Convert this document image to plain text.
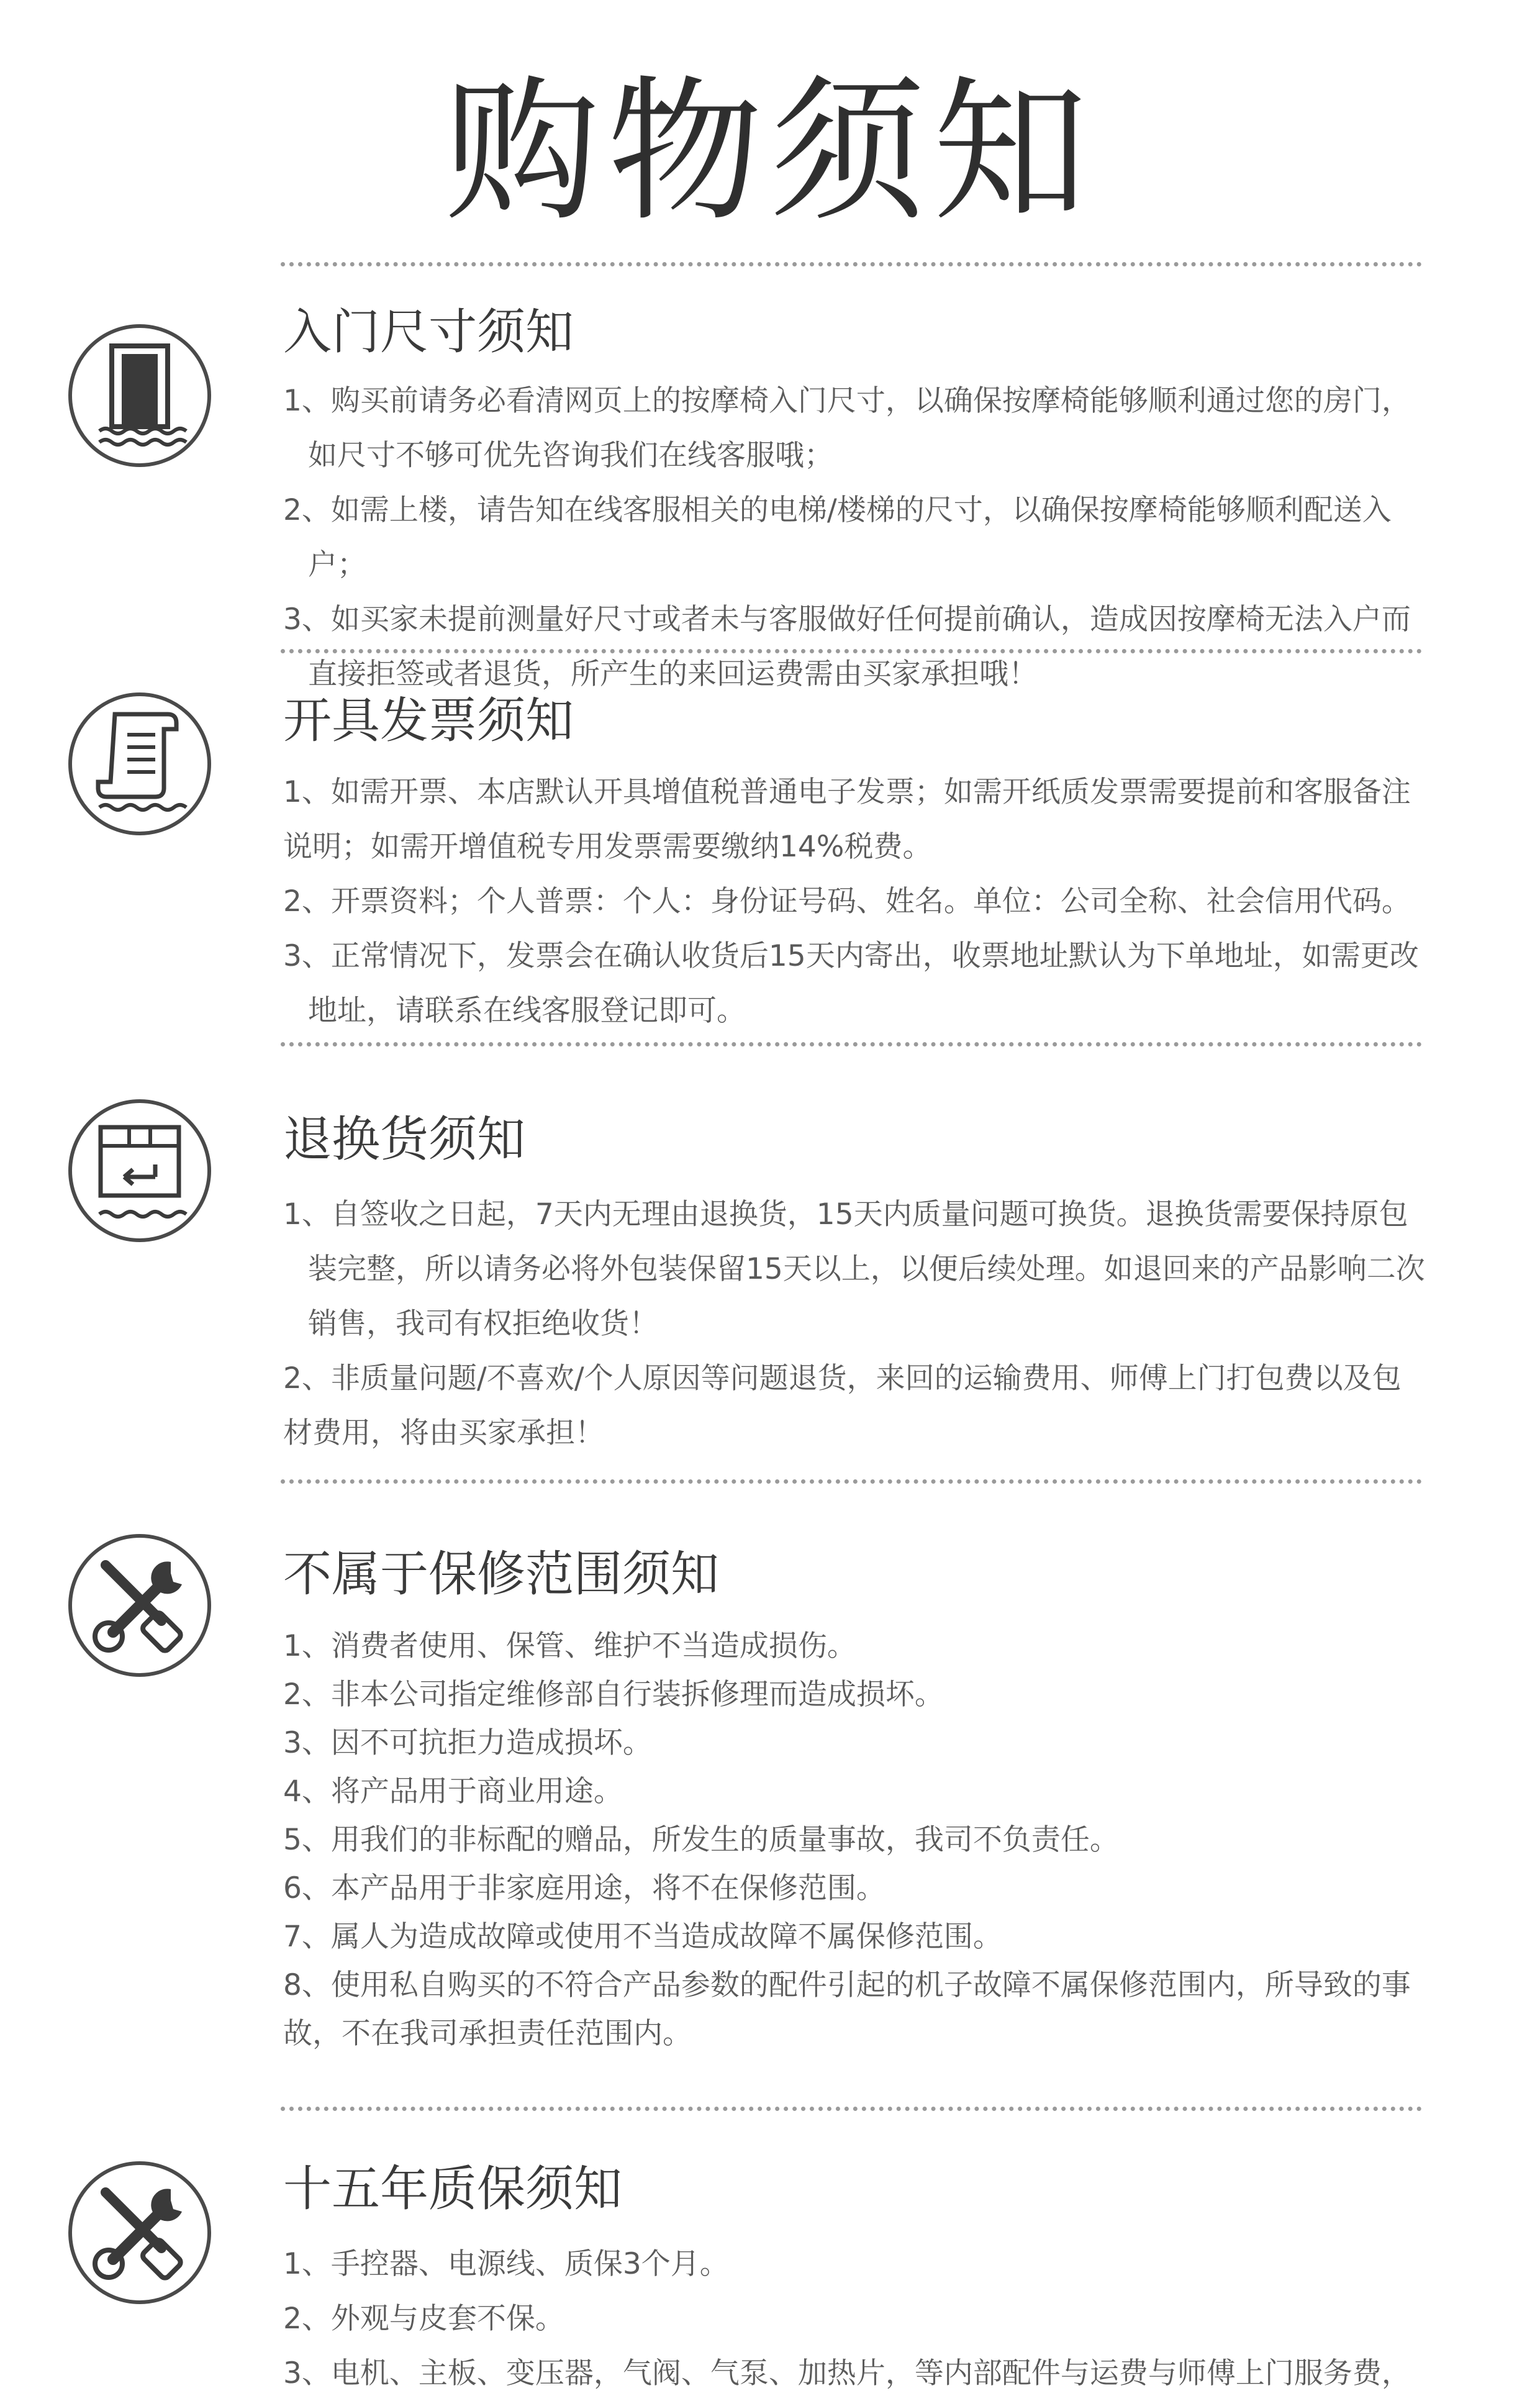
购物须知
入门尺寸须知
1、购买前请务必看清网页上的按摩椅入门尺寸，以确保按摩椅能够顺利通过您的房门，如尺寸不够可优先咨询我们在线客服哦；
2、如需上楼，请告知在线客服相关的电梯/楼梯的尺寸，以确保按摩椅能够顺利配送入户；
3、如买家未提前测量好尺寸或者未与客服做好任何提前确认，造成因按摩椅无法入户而直接拒签或者退货，所产生的来回运费需由买家承担哦！
开具发票须知
1、如需开票、本店默认开具增值税普通电子发票；如需开纸质发票需要提前和客服备注说明；如需开增值税专用发票需要缴纳14%税费。
2、开票资料；个人普票：个人：身份证号码、姓名。单位：公司全称、社会信用代码。
3、正常情况下，发票会在确认收货后15天内寄出，收票地址默认为下单地址，如需更改地址，请联系在线客服登记即可。
退换货须知
1、自签收之日起，7天内无理由退换货，15天内质量问题可换货。退换货需要保持原包装完整，所以请务必将外包装保留15天以上，以便后续处理。如退回来的产品影响二次销售，我司有权拒绝收货！
2、非质量问题/不喜欢/个人原因等问题退货，来回的运输费用、师傅上门打包费以及包材费用，将由买家承担！
不属于保修范围须知
1、消费者使用、保管、维护不当造成损伤。
2、非本公司指定维修部自行装拆修理而造成损坏。
3、因不可抗拒力造成损坏。
4、将产品用于商业用途。
5、用我们的非标配的赠品，所发生的质量事故，我司不负责任。
6、本产品用于非家庭用途，将不在保修范围。
7、属人为造成故障或使用不当造成故障不属保修范围。
8、使用私自购买的不符合产品参数的配件引起的机子故障不属保修范围内，所导致的事故，不在我司承担责任范围内。
十五年质保须知
1、手控器、电源线、质保3个月。
2、外观与皮套不保。
3、电机、主板、变压器，气阀、气泵、加热片，等内部配件与运费与师傅上门服务费，
